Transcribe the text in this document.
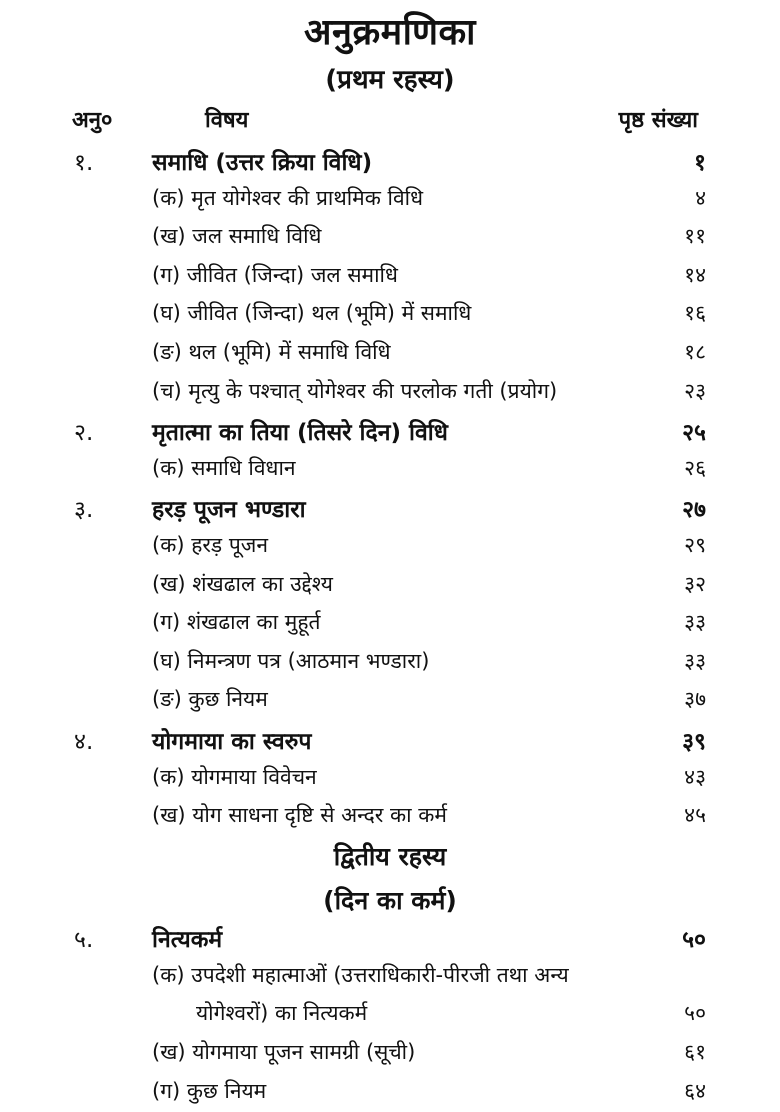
अनुक्रमणिका
(प्रथम रहस्य)
अनु०	विषय	पृष्ठ संख्या
१.	समाधि (उत्तर क्रिया विधि)	१
(क) मृत योगेश्वर की प्राथमिक विधि	४
(ख) जल समाधि विधि	११
(ग) जीवित (जिन्दा) जल समाधि	१४
(घ) जीवित (जिन्दा) थल (भूमि) में समाधि	१६
(ङ) थल (भूमि) में समाधि विधि	१८
(च) मृत्यु के पश्चात् योगेश्वर की परलोक गती (प्रयोग)	२३
२.	मृतात्मा का तिया (तिसरे दिन) विधि	२५
(क) समाधि विधान	२६
३.	हरड़ पूजन भण्डारा	२७
(क) हरड़ पूजन	२९
(ख) शंखढाल का उद्देश्य	३२
(ग) शंखढाल का मुहूर्त	३३
(घ) निमन्त्रण पत्र (आठमान भण्डारा)	३३
(ङ) कुछ नियम	३७
४.	योगमाया का स्वरुप	३९
(क) योगमाया विवेचन	४३
(ख) योग साधना दृष्टि से अन्दर का कर्म	४५
द्वितीय रहस्य
(दिन का कर्म)
५.	नित्यकर्म	५०
(क) उपदेशी महात्माओं (उत्तराधिकारी-पीरजी तथा अन्य
योगेश्वरों) का नित्यकर्म	५०
(ख) योगमाया पूजन सामग्री (सूची)	६१
(ग) कुछ नियम	६४
